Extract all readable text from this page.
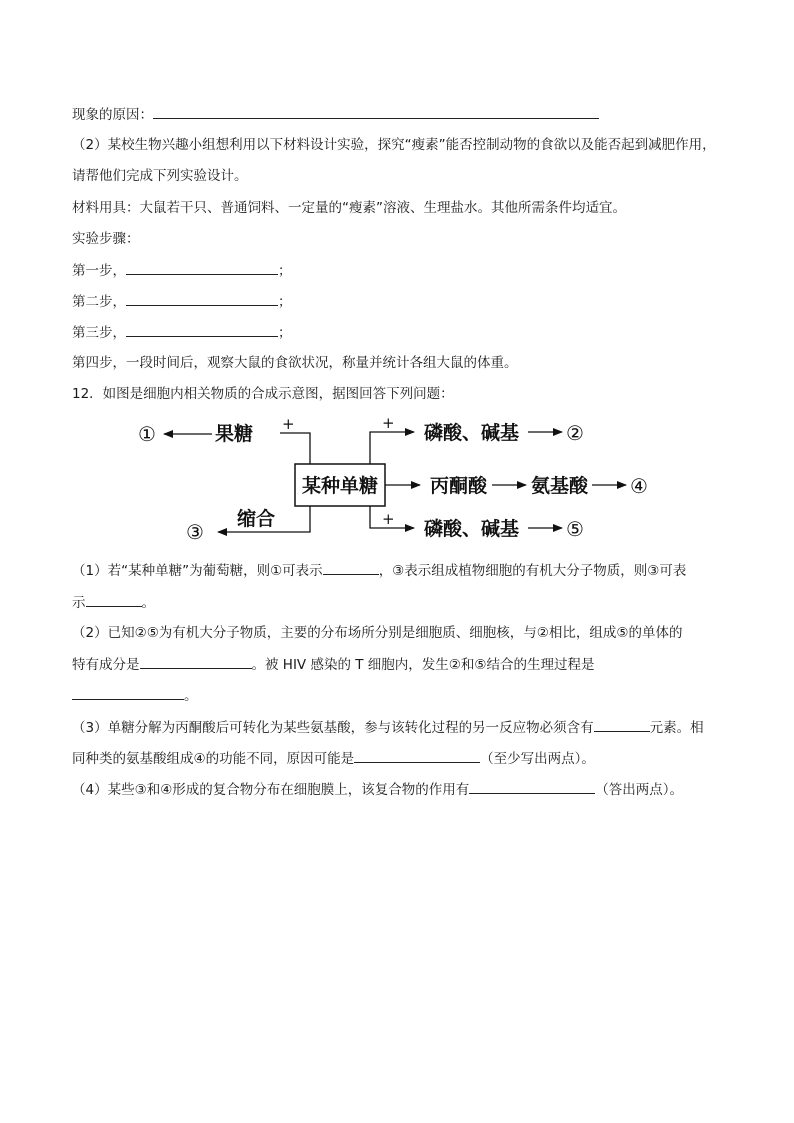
现象的原因：
（2）某校生物兴趣小组想利用以下材料设计实验，探究“瘦素”能否控制动物的食欲以及能否起到减肥作用，
请帮他们完成下列实验设计。
材料用具：大鼠若干只、普通饲料、一定量的“瘦素”溶液、生理盐水。其他所需条件均适宜。
实验步骤：
第一步，	；
第二步，	；
第三步，	；
第四步，一段时间后，观察大鼠的食欲状况，称量并统计各组大鼠的体重。
12．如图是细胞内相关物质的合成示意图，据图回答下列问题：
某种单糖
+
果糖
①
缩合
③
+ 磷酸、碱基 ②
丙酮酸 氨基酸 ④
+ 磷酸、碱基 ⑤
（1）若“某种单糖”为葡萄糖，则①可表示	，③表示组成植物细胞的有机大分子物质，则③可表
示	。
（2）已知②⑤为有机大分子物质，主要的分布场所分别是细胞质、细胞核，与②相比，组成⑤的单体的
特有成分是	。被 HIV 感染的 T 细胞内，发生②和⑤结合的生理过程是
。
（3）单糖分解为丙酮酸后可转化为某些氨基酸，参与该转化过程的另一反应物必须含有	元素。相
同种类的氨基酸组成④的功能不同，原因可能是	（至少写出两点）。
（4）某些③和④形成的复合物分布在细胞膜上，该复合物的作用有	（答出两点）。
